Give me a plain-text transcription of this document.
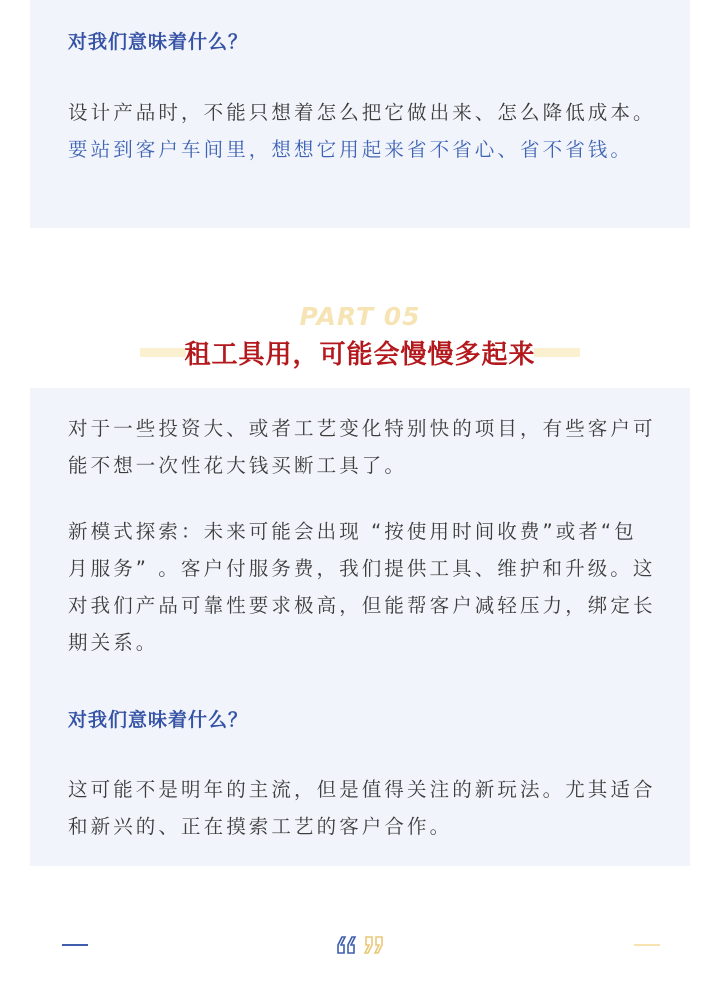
对我们意味着什么？

设计产品时，不能只想着怎么把它做出来、怎么降低成本。要站到客户车间里，想想它用起来省不省心、省不省钱。

PART 05
租工具用，可能会慢慢多起来

对于一些投资大、或者工艺变化特别快的项目，有些客户可能不想一次性花大钱买断工具了。

新模式探索：未来可能会出现 “按使用时间收费”或者“包月服务” 。客户付服务费，我们提供工具、维护和升级。这对我们产品可靠性要求极高，但能帮客户减轻压力，绑定长期关系。

对我们意味着什么？

这可能不是明年的主流，但是值得关注的新玩法。尤其适合和新兴的、正在摸索工艺的客户合作。
